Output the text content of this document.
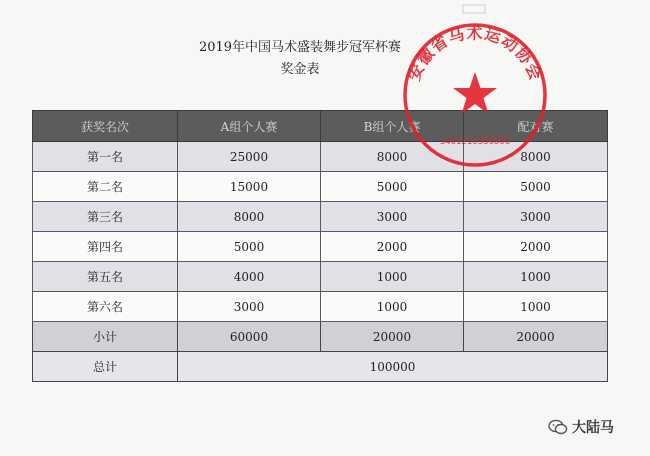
2019年中国马术盛装舞步冠军杯赛
奖金表
获奖名次	A组个人赛	B组个人赛	配对赛
第一名	25000	8000	8000
第二名	15000	5000	5000
第三名	8000	3000	3000
第四名	5000	2000	2000
第五名	4000	1000	1000
第六名	3000	1000	1000
小计	60000	20000	20000
总计	100000		
安徽省马术运动协会
3401210336806
大陆马
